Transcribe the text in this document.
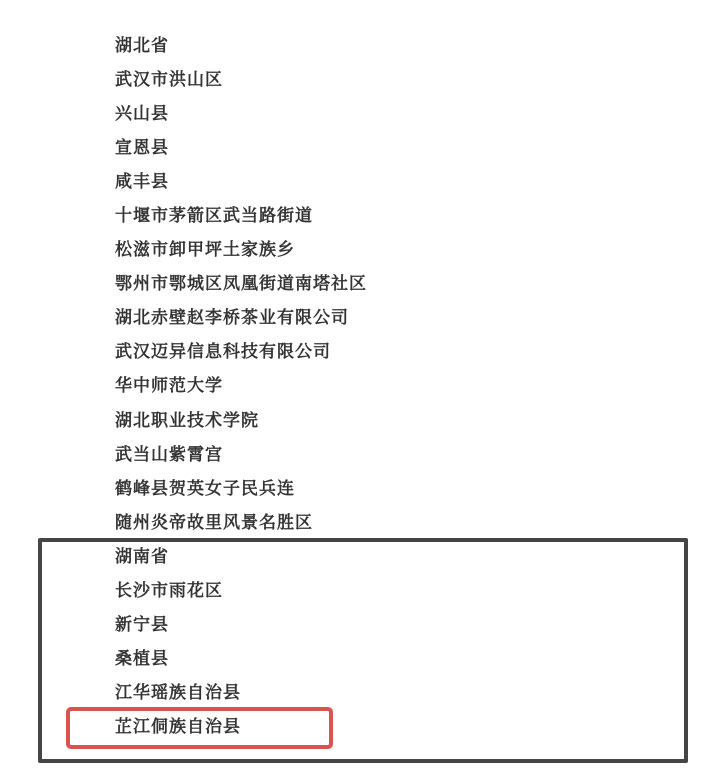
湖北省
武汉市洪山区
兴山县
宣恩县
咸丰县
十堰市茅箭区武当路街道
松滋市卸甲坪土家族乡
鄂州市鄂城区凤凰街道南塔社区
湖北赤壁赵李桥茶业有限公司
武汉迈异信息科技有限公司
华中师范大学
湖北职业技术学院
武当山紫霄宫
鹤峰县贺英女子民兵连
随州炎帝故里风景名胜区
湖南省
长沙市雨花区
新宁县
桑植县
江华瑶族自治县
芷江侗族自治县
